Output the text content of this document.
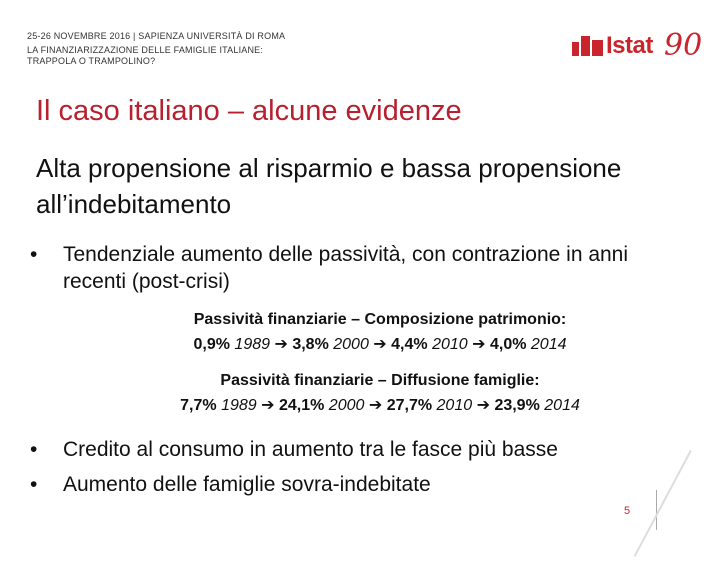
25-26 NOVEMBRE 2016 | SAPIENZA UNIVERSITÀ DI ROMA
LA FINANZIARIZZAZIONE DELLE FAMIGLIE ITALIANE:
TRAPPOLA O TRAMPOLINO?
Istat 90
Il caso italiano – alcune evidenze
Alta propensione al risparmio e bassa propensione all’indebitamento
• Tendenziale aumento delle passività, con contrazione in anni recenti (post-crisi)
Passività finanziarie – Composizione patrimonio:
0,9% 1989 ➔ 3,8% 2000 ➔ 4,4% 2010 ➔ 4,0% 2014
Passività finanziarie – Diffusione famiglie:
7,7% 1989 ➔ 24,1% 2000 ➔ 27,7% 2010 ➔ 23,9% 2014
• Credito al consumo in aumento tra le fasce più basse
• Aumento delle famiglie sovra-indebitate
5
